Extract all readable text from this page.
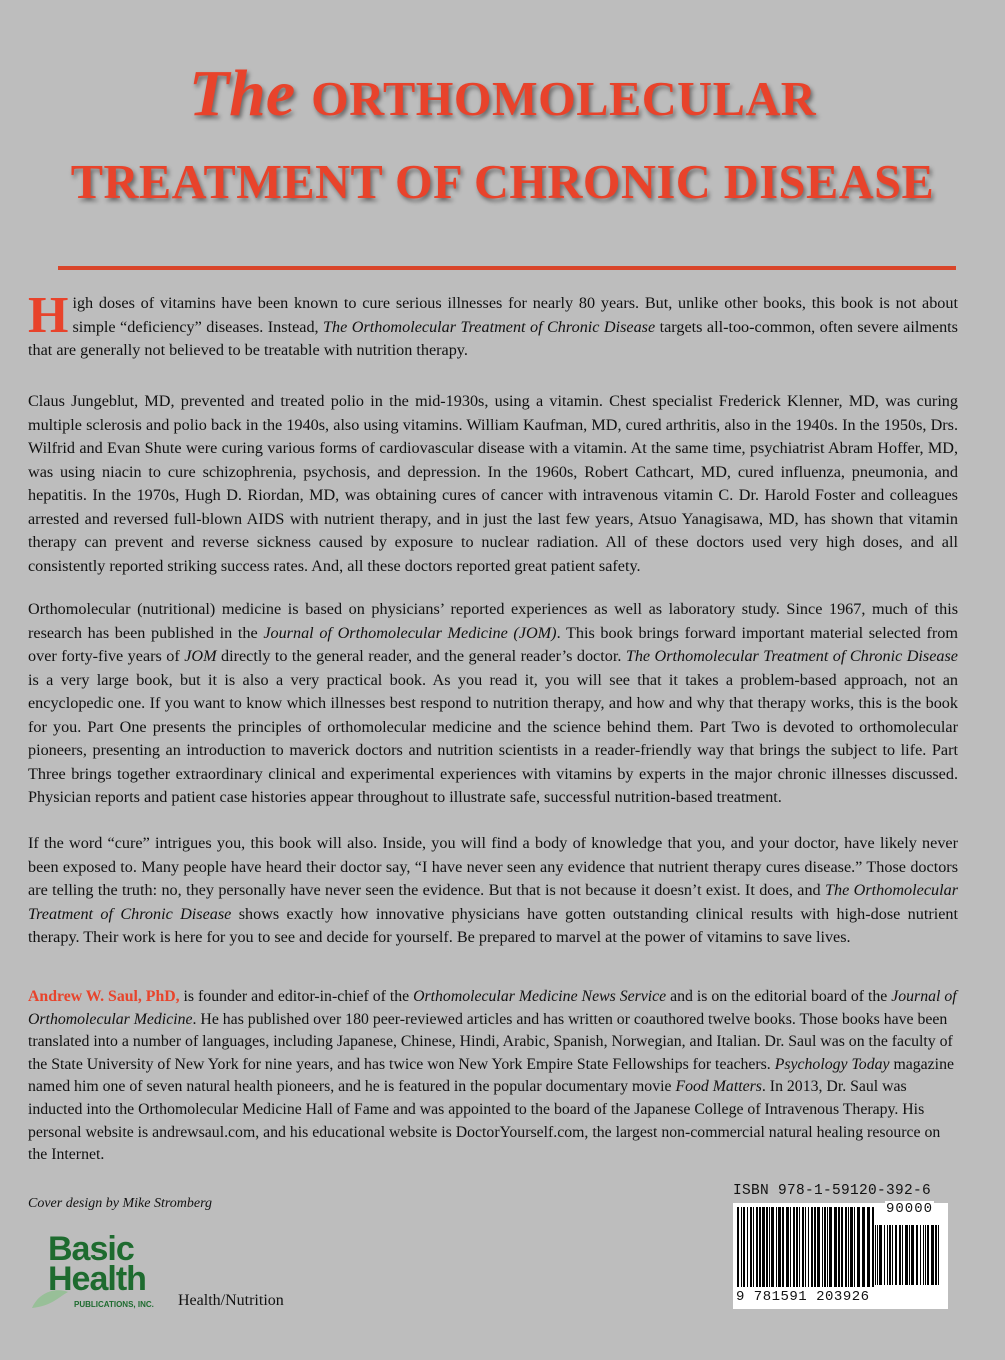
The ORTHOMOLECULAR
TREATMENT OF CHRONIC DISEASE
High doses of vitamins have been known to cure serious illnesses for nearly 80 years. But, unlike other books, this book is not about simple “deficiency” diseases. Instead, The Orthomolecular Treatment of Chronic Disease targets all-too-common, often severe ailments that are generally not believed to be treatable with nutrition therapy.
Claus Jungeblut, MD, prevented and treated polio in the mid-1930s, using a vitamin. Chest specialist Frederick Klenner, MD, was curing multiple sclerosis and polio back in the 1940s, also using vitamins. William Kaufman, MD, cured arthritis, also in the 1940s. In the 1950s, Drs. Wilfrid and Evan Shute were curing various forms of cardiovascular disease with a vitamin. At the same time, psychiatrist Abram Hoffer, MD, was using niacin to cure schizophrenia, psychosis, and depression. In the 1960s, Robert Cathcart, MD, cured influenza, pneumonia, and hepatitis. In the 1970s, Hugh D. Riordan, MD, was obtaining cures of cancer with intravenous vitamin C. Dr. Harold Foster and colleagues arrested and reversed full-blown AIDS with nutrient therapy, and in just the last few years, Atsuo Yanagisawa, MD, has shown that vitamin therapy can prevent and reverse sickness caused by exposure to nuclear radiation. All of these doctors used very high doses, and all consistently reported striking success rates. And, all these doctors reported great patient safety.
Orthomolecular (nutritional) medicine is based on physicians’ reported experiences as well as laboratory study. Since 1967, much of this research has been published in the Journal of Orthomolecular Medicine (JOM). This book brings forward important material selected from over forty-five years of JOM directly to the general reader, and the general reader’s doctor. The Orthomolecular Treatment of Chronic Disease is a very large book, but it is also a very practical book. As you read it, you will see that it takes a problem-based approach, not an encyclopedic one. If you want to know which illnesses best respond to nutrition therapy, and how and why that therapy works, this is the book for you. Part One presents the principles of orthomolecular medicine and the science behind them. Part Two is devoted to orthomolecular pioneers, presenting an introduction to maverick doctors and nutrition scientists in a reader-friendly way that brings the subject to life. Part Three brings together extraordinary clinical and experimental experiences with vitamins by experts in the major chronic illnesses discussed. Physician reports and patient case histories appear throughout to illustrate safe, successful nutrition-based treatment.
If the word “cure” intrigues you, this book will also. Inside, you will find a body of knowledge that you, and your doctor, have likely never been exposed to. Many people have heard their doctor say, “I have never seen any evidence that nutrient therapy cures disease.” Those doctors are telling the truth: no, they personally have never seen the evidence. But that is not because it doesn’t exist. It does, and The Orthomolecular Treatment of Chronic Disease shows exactly how innovative physicians have gotten outstanding clinical results with high-dose nutrient therapy. Their work is here for you to see and decide for yourself. Be prepared to marvel at the power of vitamins to save lives.
Andrew W. Saul, PhD, is founder and editor-in-chief of the Orthomolecular Medicine News Service and is on the editorial board of the Journal of Orthomolecular Medicine. He has published over 180 peer-reviewed articles and has written or coauthored twelve books. Those books have been translated into a number of languages, including Japanese, Chinese, Hindi, Arabic, Spanish, Norwegian, and Italian. Dr. Saul was on the faculty of the State University of New York for nine years, and has twice won New York Empire State Fellowships for teachers. Psychology Today magazine named him one of seven natural health pioneers, and he is featured in the popular documentary movie Food Matters. In 2013, Dr. Saul was inducted into the Orthomolecular Medicine Hall of Fame and was appointed to the board of the Japanese College of Intravenous Therapy. His personal website is andrewsaul.com, and his educational website is DoctorYourself.com, the largest non-commercial natural healing resource on the Internet.
Cover design by Mike Stromberg
Basic
Health
PUBLICATIONS, INC. Health/Nutrition
ISBN 978-1-59120-392-6
90000
9 781591 203926
